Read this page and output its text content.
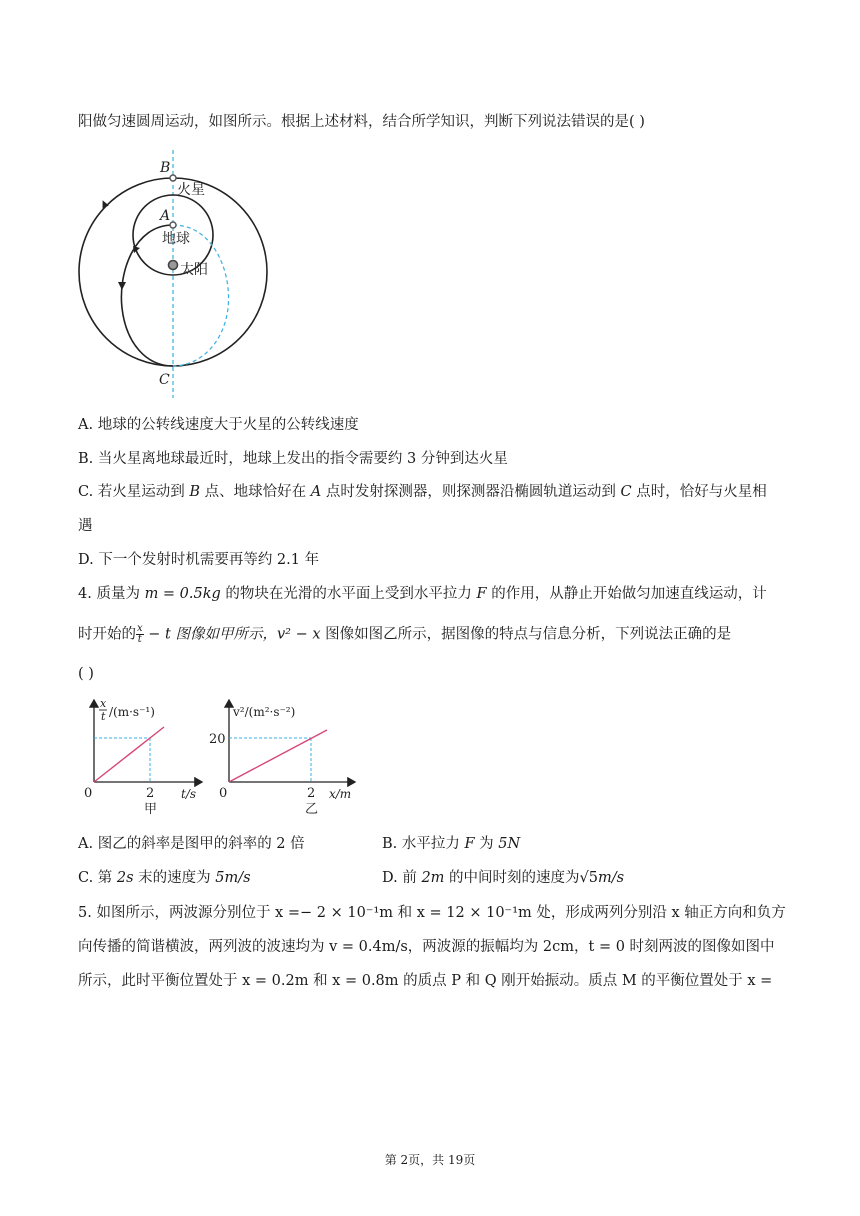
阳做匀速圆周运动，如图所示。根据上述材料，结合所学知识，判断下列说法错误的是( )
B
火星
A
地球
太阳
C
A. 地球的公转线速度大于火星的公转线速度
B. 当火星离地球最近时，地球上发出的指令需要约 3 分钟到达火星
C. 若火星运动到 B 点、地球恰好在 A 点时发射探测器，则探测器沿椭圆轨道运动到 C 点时，恰好与火星相
遇
D. 下一个发射时机需要再等约 2.1 年
4. 质量为 m = 0.5kg 的物块在光滑的水平面上受到水平拉力 F 的作用，从静止开始做匀加速直线运动，计
时开始的 $\frac{x}{t} - t$ 图像如甲所示，v² − x 图像如图乙所示，据图像的特点与信息分析，下列说法正确的是
( )
x
t /(m·s⁻¹)
0	2 t/s
甲
v²/(m²·s⁻²)
20
0	2 x/m
乙
A. 图乙的斜率是图甲的斜率的 2 倍	B. 水平拉力 F 为 5N
C. 第 2s 末的速度为 5m/s	D. 前 2m 的中间时刻的速度为√5m/s
5. 如图所示，两波源分别位于 x =− 2 × 10⁻¹m 和 x = 12 × 10⁻¹m 处，形成两列分别沿 x 轴正方向和负方
向传播的简谐横波，两列波的波速均为 v = 0.4m/s，两波源的振幅均为 2cm，t = 0 时刻两波的图像如图中
所示，此时平衡位置处于 x = 0.2m 和 x = 0.8m 的质点 P 和 Q 刚开始振动。质点 M 的平衡位置处于 x =
第 2页，共 19页
